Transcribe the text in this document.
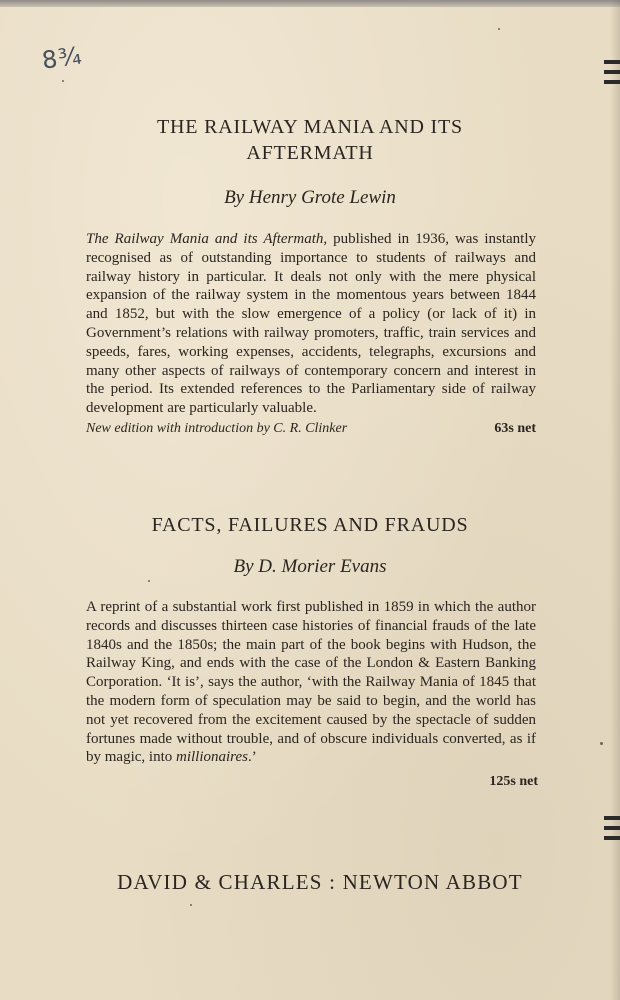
8¾
THE RAILWAY MANIA AND ITS
AFTERMATH

By Henry Grote Lewin

The Railway Mania and its Aftermath, published in 1936, was instantly recognised as of outstanding importance to students of railways and railway history in particular. It deals not only with the mere physical expansion of the railway system in the momentous years between 1844 and 1852, but with the slow emergence of a policy (or lack of it) in Government’s relations with railway promoters, traffic, train services and speeds, fares, working expenses, accidents, telegraphs, excursions and many other aspects of railways of contemporary concern and interest in the period. Its extended references to the Parliamentary side of railway development are particularly valuable.

New edition with introduction by C. R. Clinker	63s net
FACTS, FAILURES AND FRAUDS

By D. Morier Evans

A reprint of a substantial work first published in 1859 in which the author records and discusses thirteen case histories of financial frauds of the late 1840s and the 1850s; the main part of the book begins with Hudson, the Railway King, and ends with the case of the London & Eastern Banking Corporation. ‘It is’, says the author, ‘with the Railway Mania of 1845 that the modern form of speculation may be said to begin, and the world has not yet recovered from the excitement caused by the spectacle of sudden fortunes made without trouble, and of obscure individuals converted, as if by magic, into millionaires.’

125s net

DAVID & CHARLES : NEWTON ABBOT
